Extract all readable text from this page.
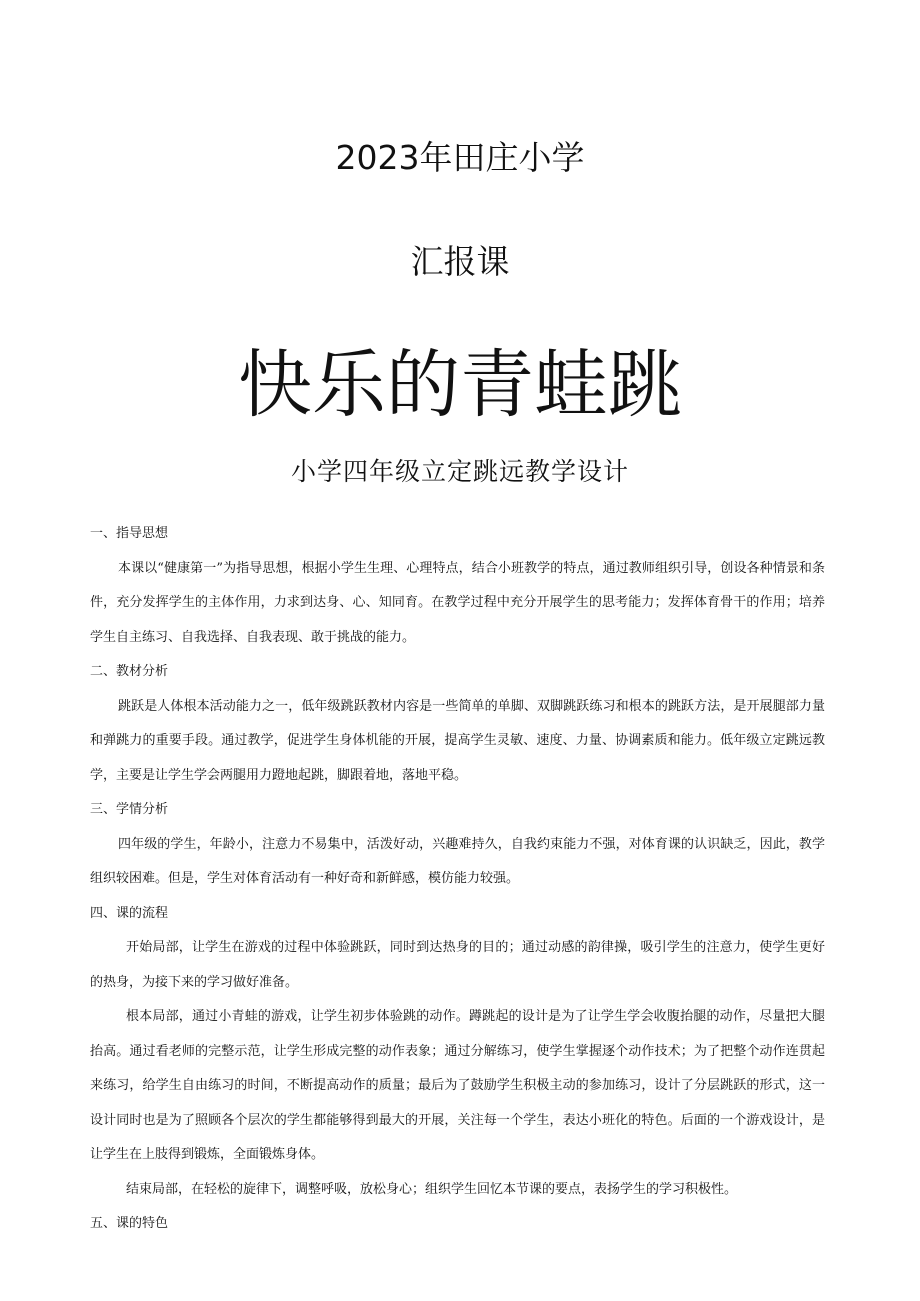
2023年田庄小学
汇报课
快乐的青蛙跳
小学四年级立定跳远教学设计

一、指导思想

本课以“健康第一”为指导思想，根据小学生生理、心理特点，结合小班教学的特点，通过教师组织引导，创设各种情景和条件，充分发挥学生的主体作用，力求到达身、心、知同育。在教学过程中充分开展学生的思考能力；发挥体育骨干的作用；培养学生自主练习、自我选择、自我表现、敢于挑战的能力。

二、教材分析

跳跃是人体根本活动能力之一，低年级跳跃教材内容是一些简单的单脚、双脚跳跃练习和根本的跳跃方法，是开展腿部力量和弹跳力的重要手段。通过教学，促进学生身体机能的开展，提高学生灵敏、速度、力量、协调素质和能力。低年级立定跳远教学，主要是让学生学会两腿用力蹬地起跳，脚跟着地，落地平稳。

三、学情分析

四年级的学生，年龄小，注意力不易集中，活泼好动，兴趣难持久，自我约束能力不强，对体育课的认识缺乏，因此，教学组织较困难。但是，学生对体育活动有一种好奇和新鲜感，模仿能力较强。

四、课的流程

开始局部，让学生在游戏的过程中体验跳跃，同时到达热身的目的；通过动感的韵律操，吸引学生的注意力，使学生更好的热身，为接下来的学习做好准备。

根本局部，通过小青蛙的游戏，让学生初步体验跳的动作。蹲跳起的设计是为了让学生学会收腹抬腿的动作，尽量把大腿抬高。通过看老师的完整示范，让学生形成完整的动作表象；通过分解练习，使学生掌握逐个动作技术；为了把整个动作连贯起来练习，给学生自由练习的时间，不断提高动作的质量；最后为了鼓励学生积极主动的参加练习，设计了分层跳跃的形式，这一设计同时也是为了照顾各个层次的学生都能够得到最大的开展，关注每一个学生，表达小班化的特色。后面的一个游戏设计，是让学生在上肢得到锻炼，全面锻炼身体。

结束局部，在轻松的旋律下，调整呼吸，放松身心；组织学生回忆本节课的要点，表扬学生的学习积极性。

五、课的特色
